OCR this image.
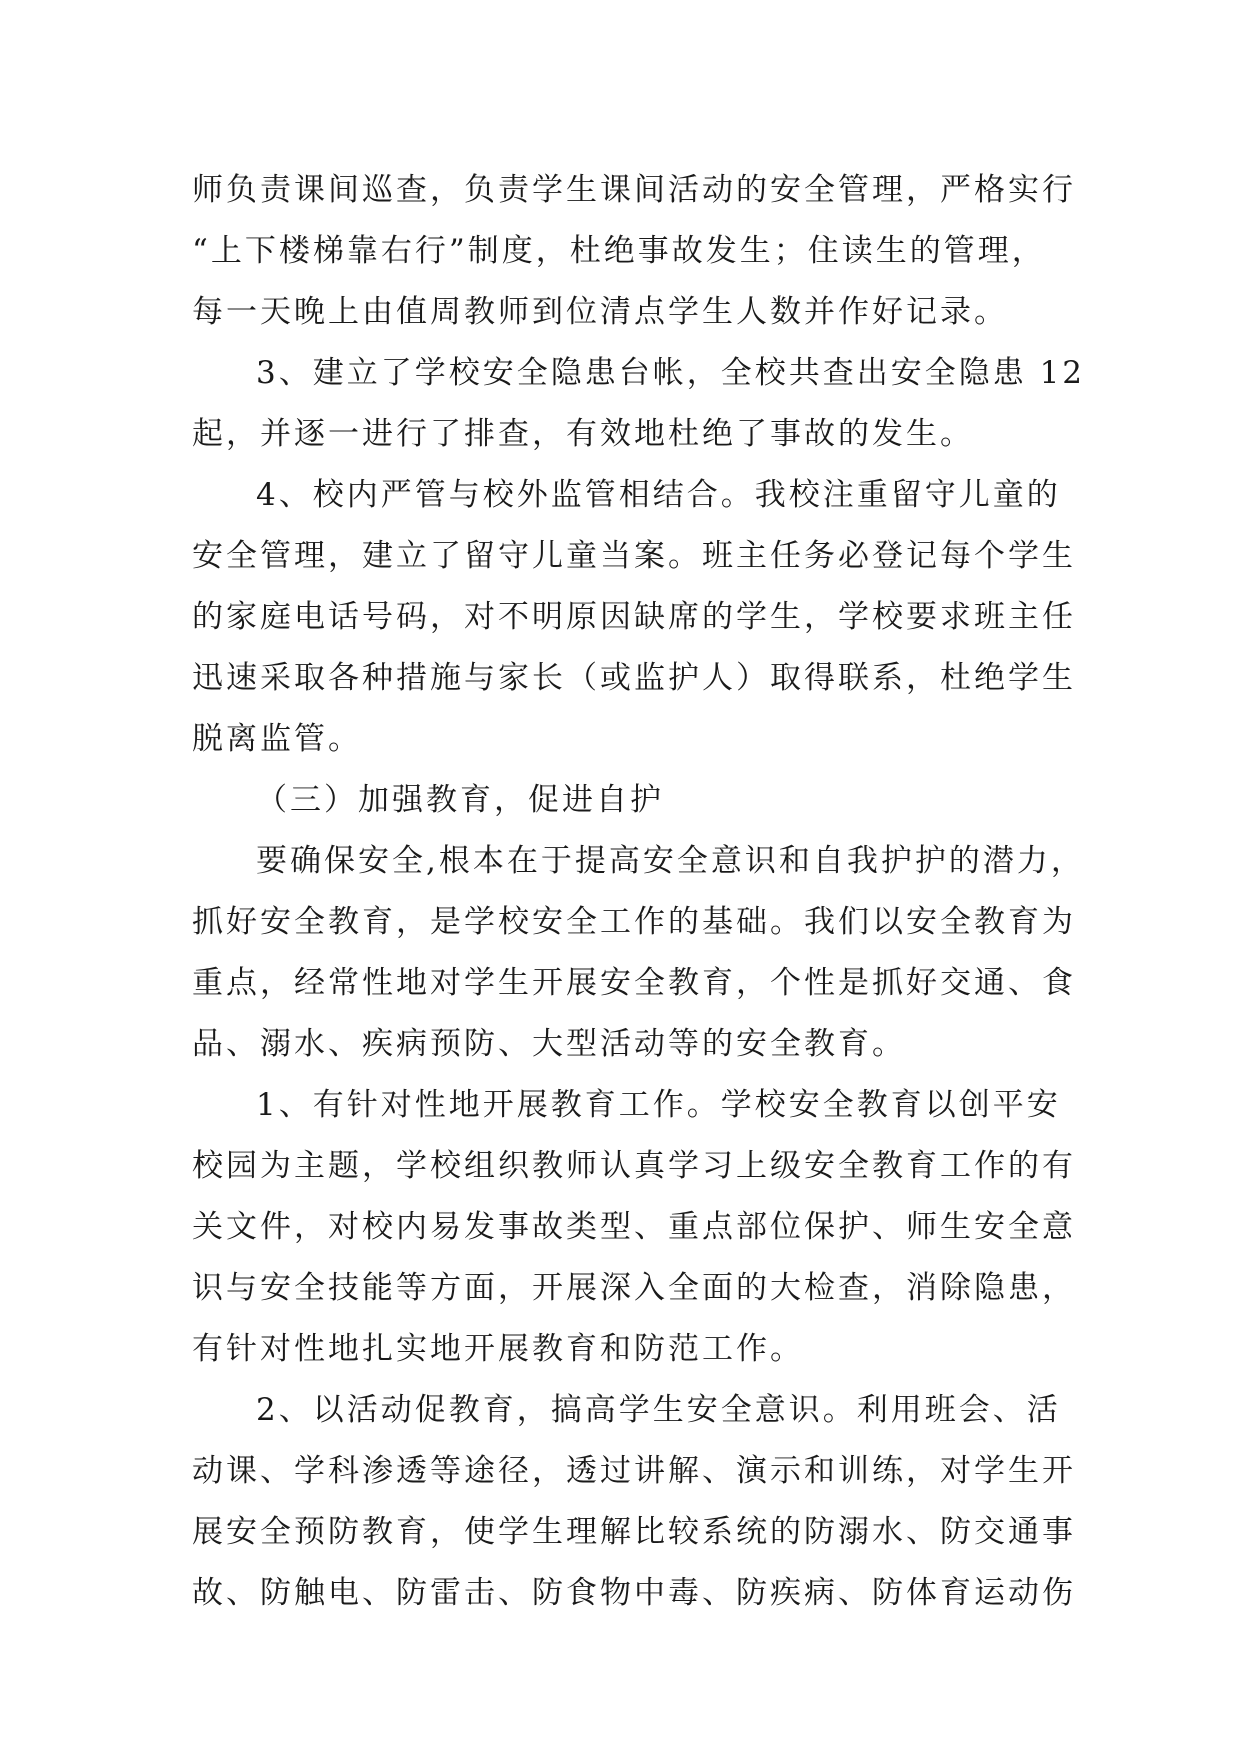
师负责课间巡查，负责学生课间活动的安全管理，严格实行
“上下楼梯靠右行”制度，杜绝事故发生；住读生的管理，
每一天晚上由值周教师到位清点学生人数并作好记录。
3、建立了学校安全隐患台帐，全校共查出安全隐患 12
起，并逐一进行了排查，有效地杜绝了事故的发生。
4、校内严管与校外监管相结合。我校注重留守儿童的
安全管理，建立了留守儿童当案。班主任务必登记每个学生
的家庭电话号码，对不明原因缺席的学生，学校要求班主任
迅速采取各种措施与家长（或监护人）取得联系，杜绝学生
脱离监管。
（三）加强教育，促进自护
要确保安全,根本在于提高安全意识和自我护护的潜力，
抓好安全教育，是学校安全工作的基础。我们以安全教育为
重点，经常性地对学生开展安全教育，个性是抓好交通、食
品、溺水、疾病预防、大型活动等的安全教育。
1、有针对性地开展教育工作。学校安全教育以创平安
校园为主题，学校组织教师认真学习上级安全教育工作的有
关文件，对校内易发事故类型、重点部位保护、师生安全意
识与安全技能等方面，开展深入全面的大检查，消除隐患，
有针对性地扎实地开展教育和防范工作。
2、以活动促教育，搞高学生安全意识。利用班会、活
动课、学科渗透等途径，透过讲解、演示和训练，对学生开
展安全预防教育，使学生理解比较系统的防溺水、防交通事
故、防触电、防雷击、防食物中毒、防疾病、防体育运动伤
